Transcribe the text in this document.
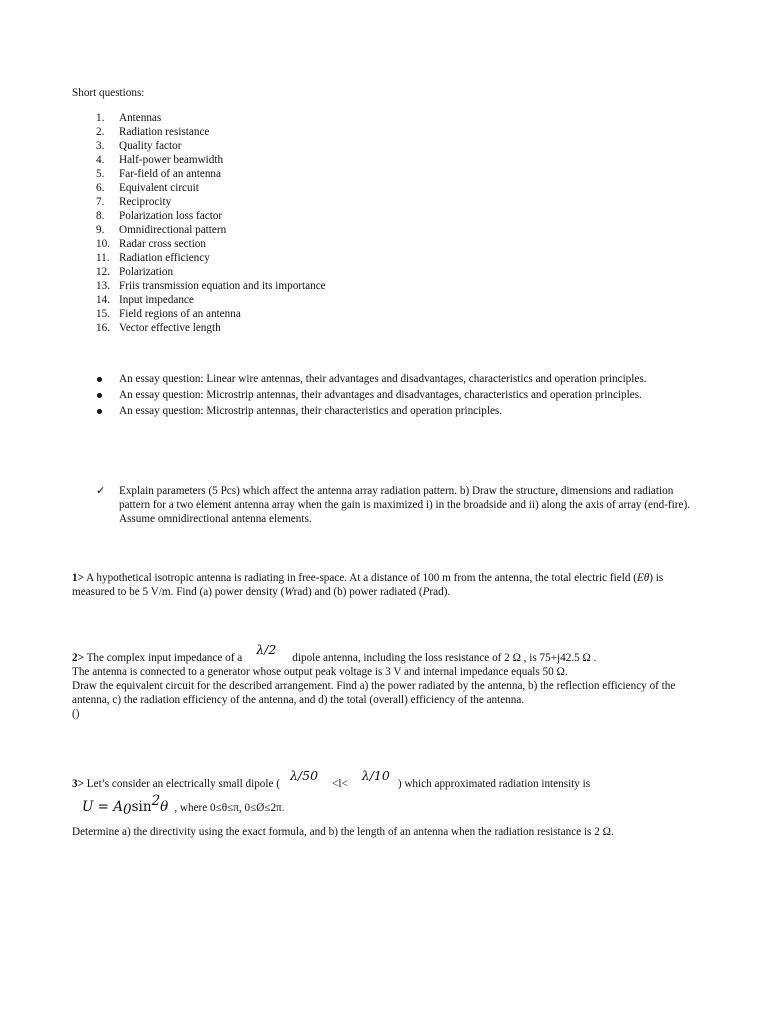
Short questions:
1. Antennas
2. Radiation resistance
3. Quality factor
4. Half-power beamwidth
5. Far-field of an antenna
6. Equivalent circuit
7. Reciprocity
8. Polarization loss factor
9. Omnidirectional pattern
10. Radar cross section
11. Radiation efficiency
12. Polarization
13. Friis transmission equation and its importance
14. Input impedance
15. Field regions of an antenna
16. Vector effective length
An essay question: Linear wire antennas, their advantages and disadvantages, characteristics and operation principles.
An essay question: Microstrip antennas, their advantages and disadvantages, characteristics and operation principles.
An essay question: Microstrip antennas, their characteristics and operation principles.
✓	Explain parameters (5 Pcs) which affect the antenna array radiation pattern. b) Draw the structure, dimensions and radiation pattern for a two element antenna array when the gain is maximized i) in the broadside and ii) along the axis of array (end-fire). Assume omnidirectional antenna elements.
1> A hypothetical isotropic antenna is radiating in free-space. At a distance of 100 m from the antenna, the total electric field (Eθ) is measured to be 5 V/m. Find (a) power density (Wrad) and (b) power radiated (Prad).
2> The complex input impedance of aλ/2dipole antenna, including the loss resistance of 2 Ω , is 75+j42.5 Ω .
The antenna is connected to a generator whose output peak voltage is 3 V and internal impedance equals 50 Ω.
Draw the equivalent circuit for the described arrangement. Find a) the power radiated by the antenna, b) the reflection efficiency of the antenna, c) the radiation efficiency of the antenna, and d) the total (overall) efficiency of the antenna.
()
3> Let’s consider an electrically small dipole (λ/50<l<λ/10) which approximated radiation intensity is
U = A0sin2θ , where 0≤θ≤π, 0≤Ø≤2π.
Determine a) the directivity using the exact formula, and b) the length of an antenna when the radiation resistance is 2 Ω.
